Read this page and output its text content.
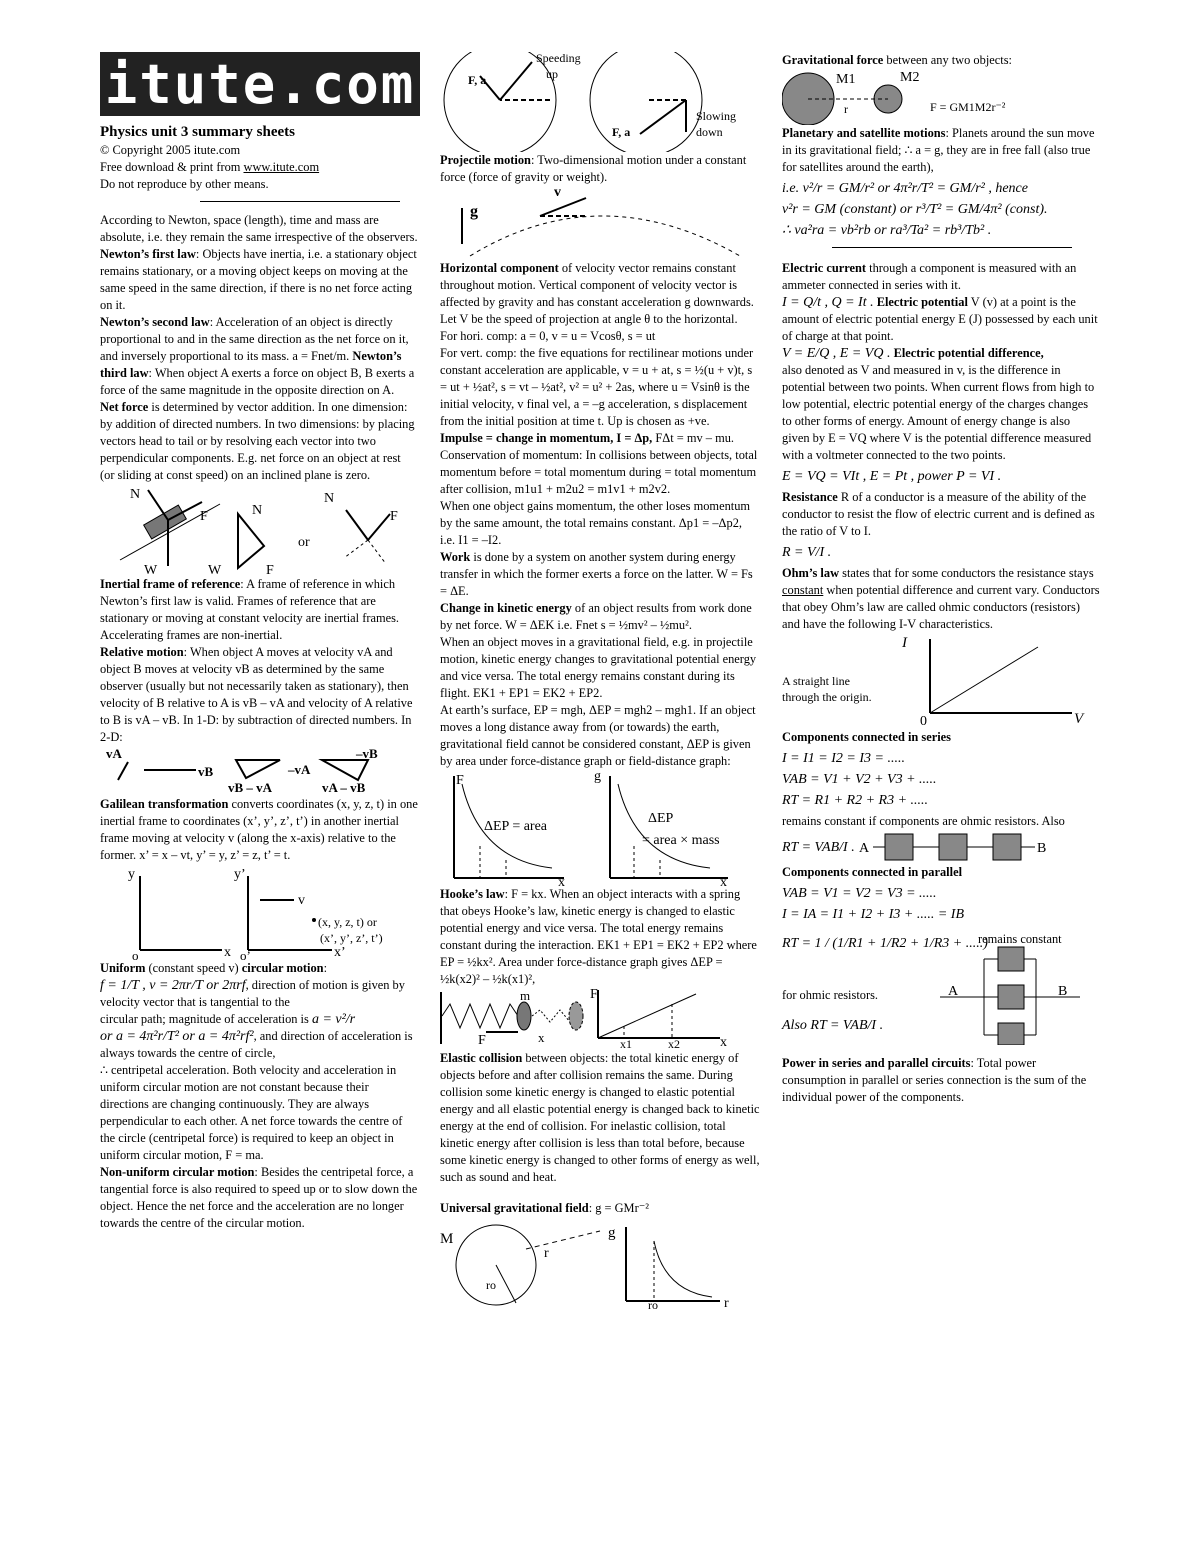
itute.com
Physics unit 3 summary sheets

© Copyright 2005 itute.com

Free download & print from www.itute.com

Do not reproduce by other means.

According to Newton, space (length), time and mass are absolute, i.e. they remain the same irrespective of the observers.

Newton’s first law: Objects have inertia, i.e. a stationary object remains stationary, or a moving object keeps on moving at the same speed in the same direction, if there is no net force acting on it.

Newton’s second law: Acceleration of an object is directly proportional to and in the same direction as the net force on it, and inversely proportional to its mass. a = Fnet/m. Newton’s third law: When object A exerts a force on object B, B exerts a force of the same magnitude in the opposite direction on A.

Net force is determined by vector addition. In one dimension: by addition of directed numbers. In two dimensions: by placing vectors head to tail or by resolving each vector into two perpendicular components. E.g. net force on an object at rest (or sliding at const speed) on an inclined plane is zero.

N
F
W
N
W	F
or
N
F

Inertial frame of reference: A frame of reference in which Newton’s first law is valid. Frames of reference that are stationary or moving at constant velocity are inertial frames. Accelerating frames are non-inertial.

Relative motion: When object A moves at velocity vA and object B moves at velocity vB as determined by the same observer (usually but not necessarily taken as stationary), then velocity of B relative to A is vB – vA and velocity of A relative to B is vA – vB. In 1-D: by subtraction of directed numbers. In 2-D:

vA
vB
vB – vA
–vA
–vB
vA – vB

Galilean transformation converts coordinates (x, y, z, t) in one inertial frame to coordinates (x’, y’, z’, t’) in another inertial frame moving at velocity v (along the x-axis) relative to the former. x’ = x – vt, y’ = y, z’ = z, t’ = t.

y
x
o
y’
x’
o’
v
(x, y, z, t) or
(x’, y’, z’, t’)

Uniform (constant speed v) circular motion:

f = 1/T , v = 2πr/T or 2πrf, direction of motion is given by velocity vector that is tangential to the

circular path; magnitude of acceleration is a = v²/r

or a = 4π²r/T² or a = 4π²rf², and direction of acceleration is always towards the centre of circle,

∴ centripetal acceleration. Both velocity and acceleration in uniform circular motion are not constant because their directions are changing continuously. They are always perpendicular to each other. A net force towards the centre of the circle (centripetal force) is required to keep an object in uniform circular motion, F = ma.

Non-uniform circular motion: Besides the centripetal force, a tangential force is also required to speed up or to slow down the object. Hence the net force and the acceleration are no longer towards the centre of the circular motion.

F, a
Speeding
up
F, a
Slowing
down

Projectile motion: Two-dimensional motion under a constant force (force of gravity or weight).

g
v

Horizontal component of velocity vector remains constant throughout motion. Vertical component of velocity vector is affected by gravity and has constant acceleration g downwards. Let V be the speed of projection at angle θ to the horizontal.

For hori. comp: a = 0, v = u = Vcosθ, s = ut

For vert. comp: the five equations for rectilinear motions under constant acceleration are applicable, v = u + at, s = ½(u + v)t, s = ut + ½at², s = vt – ½at², v² = u² + 2as, where u = Vsinθ is the initial velocity, v final vel, a = –g acceleration, s displacement from the initial position at time t. Up is chosen as +ve.

Impulse = change in momentum, I = Δp, FΔt = mv – mu. Conservation of momentum: In collisions between objects, total momentum before = total momentum during = total momentum after collision, m1u1 + m2u2 = m1v1 + m2v2.

When one object gains momentum, the other loses momentum by the same amount, the total remains constant. Δp1 = –Δp2, i.e. I1 = –I2.

Work is done by a system on another system during energy transfer in which the former exerts a force on the latter. W = Fs = ΔE.

Change in kinetic energy of an object results from work done by net force. W = ΔEK i.e. Fnet s = ½mv² – ½mu².

When an object moves in a gravitational field, e.g. in projectile motion, kinetic energy changes to gravitational potential energy and vice versa. The total energy remains constant during its flight. EK1 + EP1 = EK2 + EP2.

At earth’s surface, EP = mgh, ΔEP = mgh2 – mgh1. If an object moves a long distance away from (or towards) the earth, gravitational field cannot be considered constant, ΔEP is given by area under force-distance graph or field-distance graph:

F
ΔEP = area
x
g
ΔEP
= area × mass
x

Hooke’s law: F = kx. When an object interacts with a spring that obeys Hooke’s law, kinetic energy is changed to elastic potential energy and vice versa. The total energy remains constant during the interaction. EK1 + EP1 = EK2 + EP2 where EP = ½kx². Area under force-distance graph gives ΔEP = ½k(x2)² – ½k(x1)²,

m
F	x
F
x1	x2	x

Elastic collision between objects: the total kinetic energy of objects before and after collision remains the same. During collision some kinetic energy is changed to elastic potential energy and all elastic potential energy is changed back to kinetic energy at the end of collision. For inelastic collision, total kinetic energy after collision is less than total before, because some kinetic energy is changed to other forms of energy as well, such as sound and heat.

Universal gravitational field: g = GMr⁻²

M
r
ro
g
ro	r

Gravitational force between any two objects:

M1	M2
r	F = GM1M2r⁻²

Planetary and satellite motions: Planets around the sun move in its gravitational field; ∴ a = g, they are in free fall (also true for satellites around the earth),

i.e. v²/r = GM/r² or 4π²r/T² = GM/r² , hence

v²r = GM (constant) or r³/T² = GM/4π² (const).

∴ va²ra = vb²rb or ra³/Ta² = rb³/Tb² .

Electric current through a component is measured with an ammeter connected in series with it.

I = Q/t , Q = It . Electric potential V (v) at a point is the amount of electric potential energy E (J) possessed by each unit of charge at that point.

V = E/Q , E = VQ . Electric potential difference,

also denoted as V and measured in v, is the difference in potential between two points. When current flows from high to low potential, electric potential energy of the charges changes to other forms of energy. Amount of energy change is also given by E = VQ where V is the potential difference measured with a voltmeter connected to the two points.

E = VQ = VIt , E = Pt , power P = VI .

Resistance R of a conductor is a measure of the ability of the conductor to resist the flow of electric current and is defined as the ratio of V to I.

R = V/I .

Ohm’s law states that for some conductors the resistance stays constant when potential difference and current vary. Conductors that obey Ohm’s law are called ohmic conductors (resistors) and have the following I-V characteristics.

I
A straight line
through the origin.
0	V

Components connected in series

I = I1 = I2 = I3 = .....

VAB = V1 + V2 + V3 + .....

RT = R1 + R2 + R3 + .....

remains constant if components are ohmic resistors. Also

RT = VAB/I . A	B

Components connected in parallel

VAB = V1 = V2 = V3 = .....

I = IA = I1 + I2 + I3 + ..... = IB

RT = 1 / (1/R1 + 1/R2 + 1/R3 + .....)

remains constant

for ohmic resistors.

Also RT = VAB/I .

A	B

Power in series and parallel circuits: Total power consumption in parallel or series connection is the sum of the individual power of the components.
